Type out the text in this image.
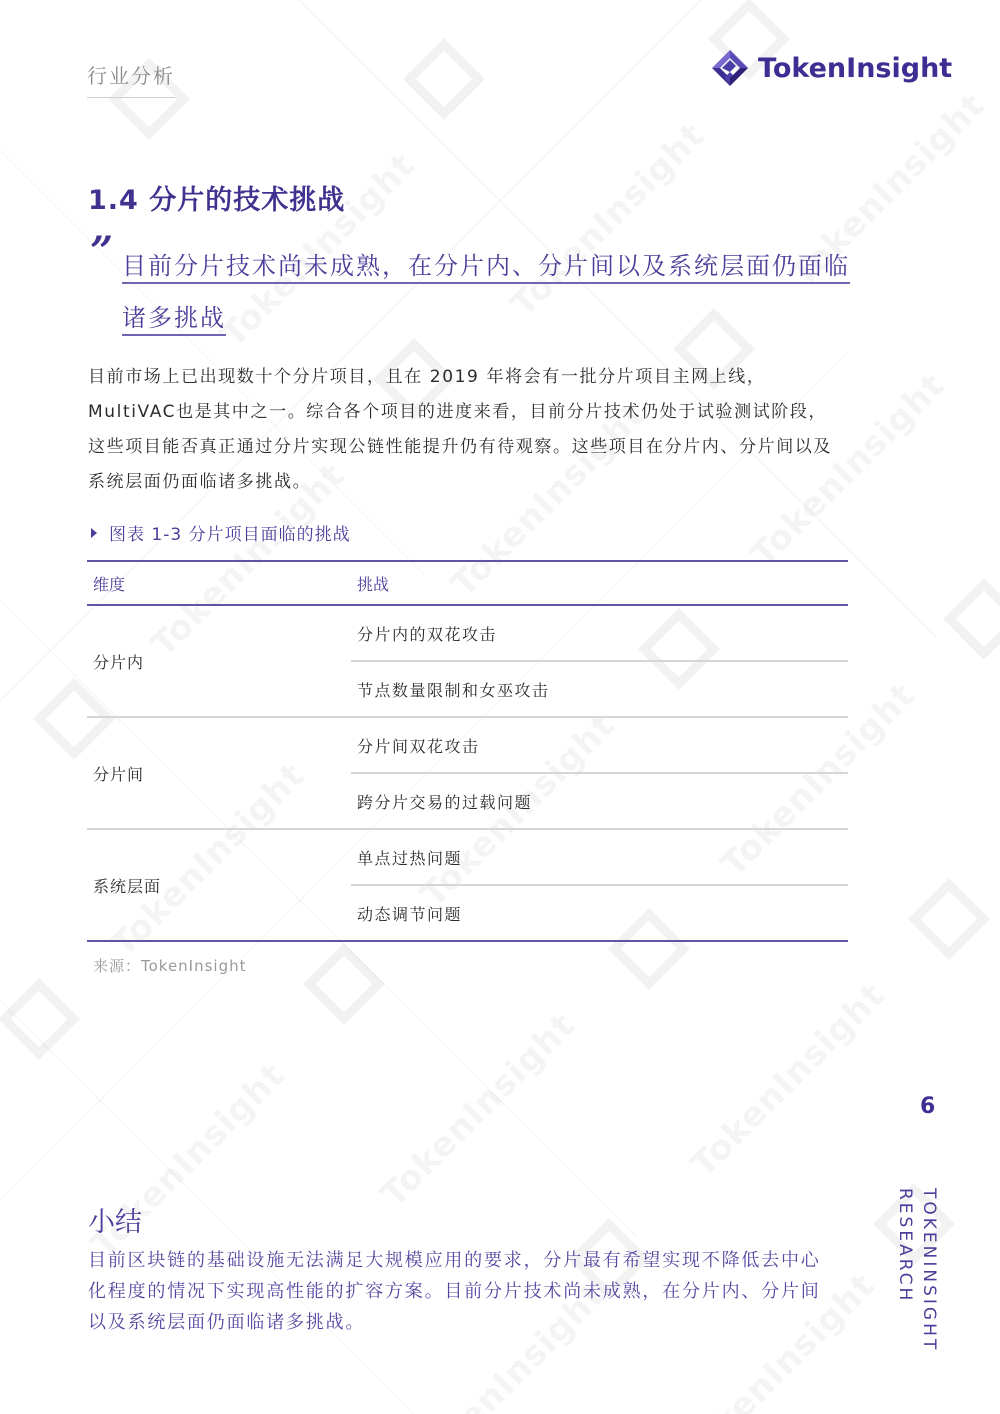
行业分析	TokenInsight
1.4 分片的技术挑战
” 目前分片技术尚未成熟，在分片内、分片间以及系统层面仍面临
诸多挑战
目前市场上已出现数十个分片项目，且在 2019 年将会有一批分片项目主网上线，MultiVAC也是其中之一。综合各个项目的进度来看，目前分片技术仍处于试验测试阶段，这些项目能否真正通过分片实现公链性能提升仍有待观察。这些项目在分片内、分片间以及系统层面仍面临诸多挑战。
图表 1-3 分片项目面临的挑战
维度	挑战
分片内
分片内的双花攻击
节点数量限制和女巫攻击
分片间
分片间双花攻击
跨分片交易的过载问题
系统层面
单点过热问题
动态调节问题
来源：TokenInsight
6
TOKENINSIGHT RESEARCH
小结
目前区块链的基础设施无法满足大规模应用的要求，分片最有希望实现不降低去中心化程度的情况下实现高性能的扩容方案。目前分片技术尚未成熟，在分片内、分片间以及系统层面仍面临诸多挑战。
